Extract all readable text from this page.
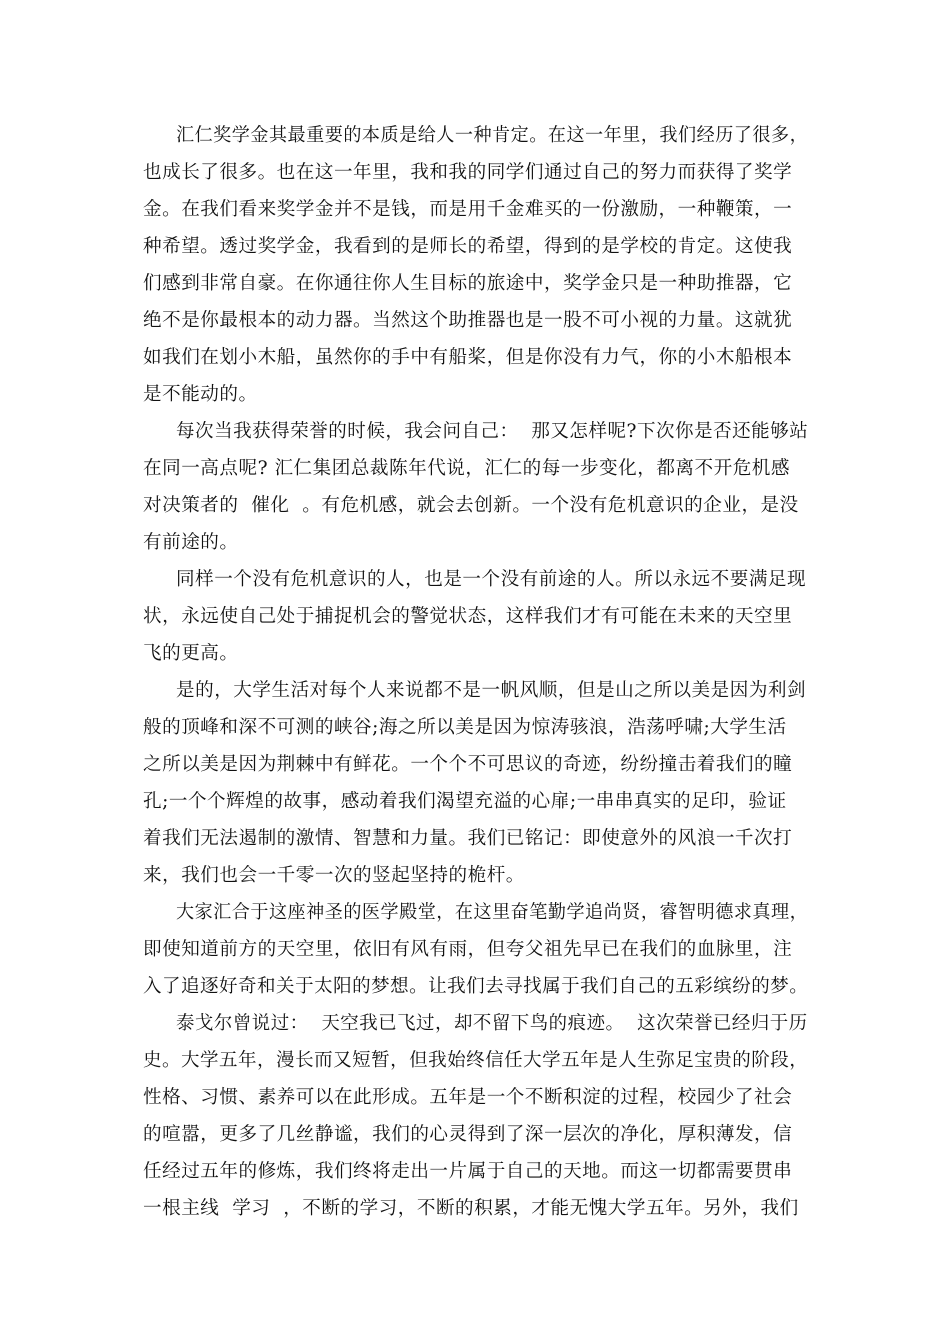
汇仁奖学金其最重要的本质是给人一种肯定。在这一年里，我们经历了很多，
也成长了很多。也在这一年里，我和我的同学们通过自己的努力而获得了奖学
金。在我们看来奖学金并不是钱，而是用千金难买的一份激励，一种鞭策，一
种希望。透过奖学金，我看到的是师长的希望，得到的是学校的肯定。这使我
们感到非常自豪。在你通往你人生目标的旅途中，奖学金只是一种助推器，它
绝不是你最根本的动力器。当然这个助推器也是一股不可小视的力量。这就犹
如我们在划小木船，虽然你的手中有船桨，但是你没有力气，你的小木船根本
是不能动的。
每次当我获得荣誉的时候，我会问自己：  那又怎样呢?下次你是否还能够站
在同一高点呢? 汇仁集团总裁陈年代说，汇仁的每一步变化，都离不开危机感
对决策者的  催化  。有危机感，就会去创新。一个没有危机意识的企业，是没
有前途的。
同样一个没有危机意识的人，也是一个没有前途的人。所以永远不要满足现
状，永远使自己处于捕捉机会的警觉状态，这样我们才有可能在未来的天空里
飞的更高。
是的，大学生活对每个人来说都不是一帆风顺，但是山之所以美是因为利剑
般的顶峰和深不可测的峡谷;海之所以美是因为惊涛骇浪，浩荡呼啸;大学生活
之所以美是因为荆棘中有鲜花。一个个不可思议的奇迹，纷纷撞击着我们的瞳
孔;一个个辉煌的故事，感动着我们渴望充溢的心扉;一串串真实的足印，验证
着我们无法遏制的激情、智慧和力量。我们已铭记：即使意外的风浪一千次打
来，我们也会一千零一次的竖起坚持的桅杆。
大家汇合于这座神圣的医学殿堂，在这里奋笔勤学追尚贤，睿智明德求真理，
即使知道前方的天空里，依旧有风有雨，但夸父祖先早已在我们的血脉里，注
入了追逐好奇和关于太阳的梦想。让我们去寻找属于我们自己的五彩缤纷的梦。
泰戈尔曾说过：  天空我已飞过，却不留下鸟的痕迹。  这次荣誉已经归于历
史。大学五年，漫长而又短暂，但我始终信任大学五年是人生弥足宝贵的阶段，
性格、习惯、素养可以在此形成。五年是一个不断积淀的过程，校园少了社会
的喧嚣，更多了几丝静谧，我们的心灵得到了深一层次的净化，厚积薄发，信
任经过五年的修炼，我们终将走出一片属于自己的天地。而这一切都需要贯串
一根主线  学习  ，不断的学习，不断的积累，才能无愧大学五年。另外，我们
